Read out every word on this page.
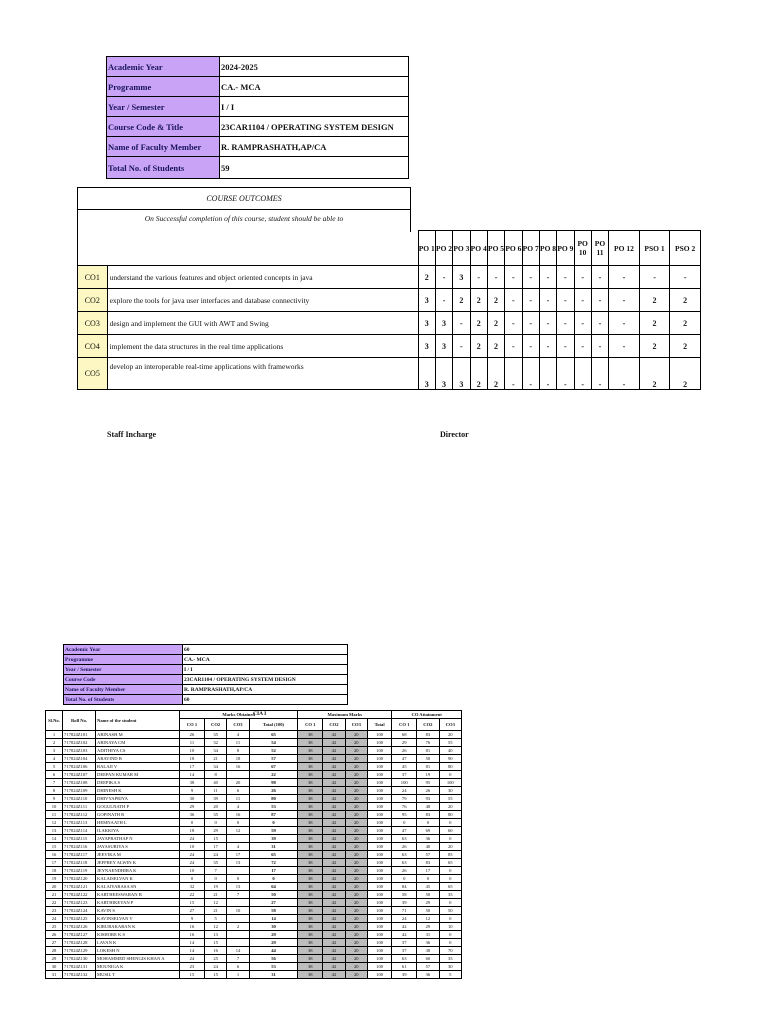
Academic Year	2024-2025
Programme	CA.- MCA
Year / Semester	I / I
Course Code & Title	23CAR1104 / OPERATING SYSTEM DESIGN
Name of Faculty Member	R. RAMPRASHATH,AP/CA
Total No. of Students	59
COURSE OUTCOMES
On Successful completion of this course, student should be able to
		PO 1	PO 2	PO 3	PO 4	PO 5	PO 6	PO 7	PO 8	PO 9	PO 10	PO 11	PO 12	PSO 1	PSO 2
CO1	understand the various features and object oriented concepts in java	2	-	3	-	-	-	-	-	-	-	-	-	-	-
CO2	explore the tools for java user interfaces and database connectivity	3	-	2	2	2	-	-	-	-	-	-	-	2	2
CO3	design and implement the GUI with AWT and Swing	3	3	-	2	2	-	-	-	-	-	-	-	2	2
CO4	implement the data structures in the real time applications	3	3	-	2	2	-	-	-	-	-	-	-	2	2
CO5	develop an interoperable real-time applications with frameworks	3	3	3	2	2	-	-	-	-	-	-	-	2	2
Staff Incharge	Director
Academic Year	60
Programme	CA.- MCA
Year / Semester	I / I
Course Code	23CAR1104 / OPERATING SYSTEM DESIGN
Name of Faculty Member	R. RAMPRASHATH,AP/CA
Total No. of Students	60
CIA I
Sl.No.	Roll No.	Name of the student	Marks Obtained				Maximum Marks				CO Attainment		
			CO 1	CO2	CO3	Total (100)	CO 1	CO2	CO3	Total	CO 1	CO2	CO3
1	717824Z101	ABINASH M	26	35	4	65	38	42	20	100	68	83	20
2	717824Z102	ABINAYA CM	11	32	11	54	38	42	20	100	29	76	55
3	717824Z103	ADITHIYA CS	10	34	8	52	38	42	20	100	26	81	40
4	717824Z104	ARAVIND B	18	21	18	57	38	42	20	100	47	50	90
5	717824Z106	BALAJI V	17	34	16	67	38	42	20	100	45	81	80
6	717824Z107	DEEPAN KUMAR M	14	8		22	38	42	20	100	37	19	0
7	717824Z108	DEEPIKA S	38	40	20	98	38	42	20	100	100	95	100
8	717824Z109	DHINESH K	9	11	6	26	38	42	20	100	24	26	30
9	717824Z110	DHIVYAPRIYA	30	39	11	80	38	42	20	100	79	93	55
10	717824Z111	GOGULNATH P	29	20	4	53	38	42	20	100	76	48	20
11	717824Z112	GOPINATH R	36	35	16	87	38	42	20	100	95	83	80
12	717824Z113	HEMNAATH L	0	0	0	0	38	42	20	100	0	0	0
13	717824Z114	ILAKKIYA	18	29	12	59	38	42	20	100	47	69	60
14	717824Z115	JAYAPRATHAP N	24	15		39	38	42	20	100	63	36	0
15	717824Z116	JAYASURIYA S	10	17	4	31	38	42	20	100	26	40	20
16	717824Z117	JEEVIKA M	24	24	17	65	38	42	20	100	63	57	85
17	717824Z118	JEFFREY ALWIN K	24	35	13	72	38	42	20	100	63	83	65
18	717824Z119	JEYNAENDHIRA K	10	7		17	38	42	20	100	26	17	0
19	717824Z120	KALAISELVAN K	0	0	0	0	38	42	20	100	0	0	0
20	717824Z121	KALAIYARASA SN	32	19	13	64	38	42	20	100	84	45	65
21	717824Z122	KARTHEESWARAN B	22	21	7	50	38	42	20	100	58	50	35
22	717824Z123	KARTHIKEYAN P	15	12		27	38	42	20	100	39	29	0
23	717824Z124	KAVIN S	27	21	10	58	38	42	20	100	71	50	50
24	717824Z125	KAVINSELVAN V	9	5		14	38	42	20	100	24	12	0
25	717824Z126	KIRUBAKARAN K	16	12	2	30	38	42	20	100	42	29	10
26	717824Z127	KISHORE K S	16	13		29	38	42	20	100	42	31	0
27	717824Z128	LAVAN K	14	15		29	38	42	20	100	37	36	0
28	717824Z129	LOKESH N	14	16	14	44	38	42	20	100	37	38	70
29	717824Z130	MOHAMMED SHENGIS KHAN A	24	25	7	56	38	42	20	100	63	60	35
30	717824Z131	MOUNIGA K	23	24	6	53	38	42	20	100	61	57	30
31	717824Z132	MUSIL T	15	15	1	31	38	42	20	100	39	36	5
